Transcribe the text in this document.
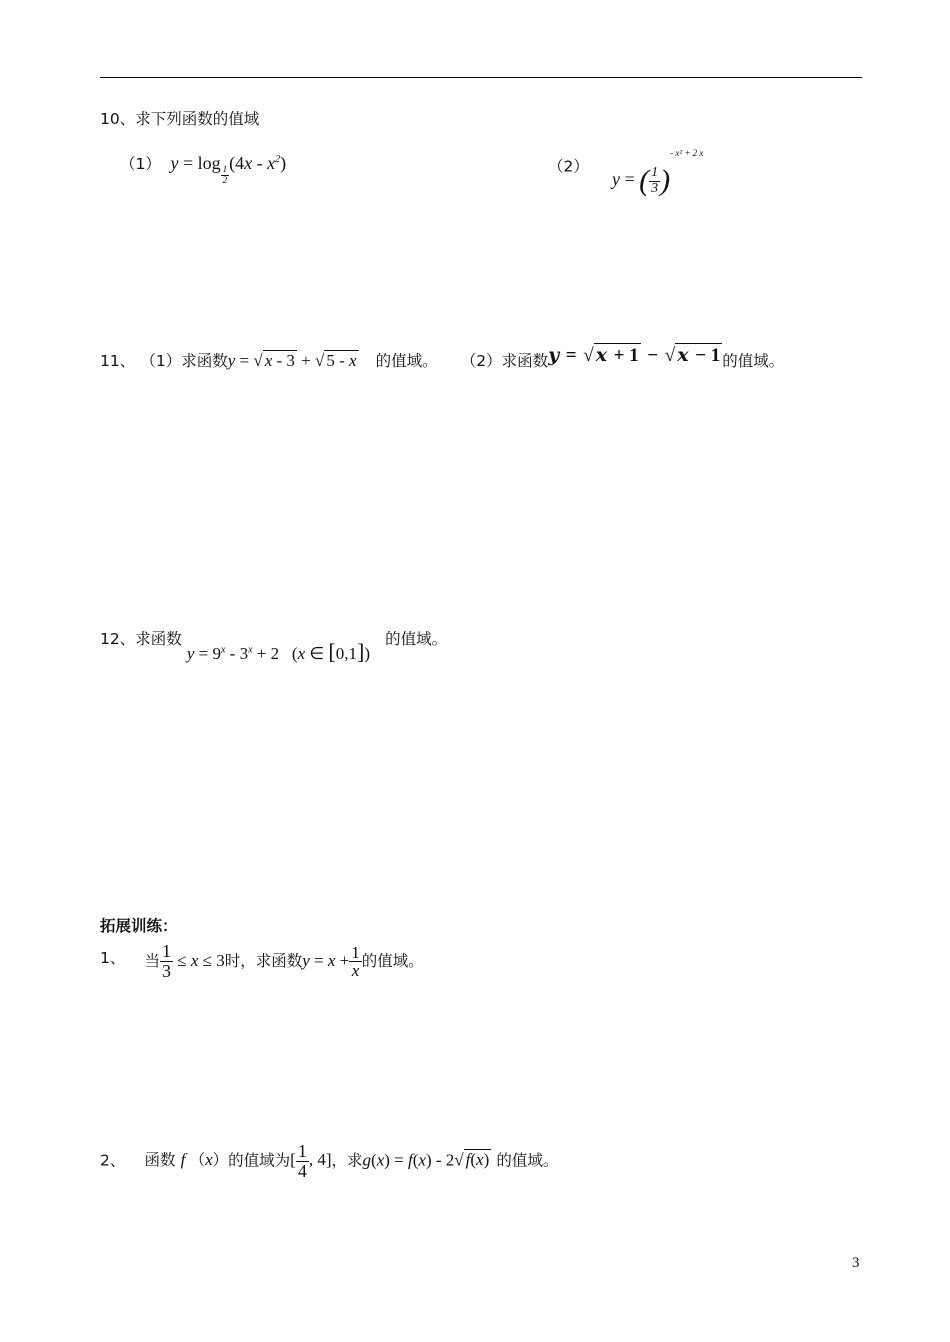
10、求下列函数的值域
（1）  y = log
$_{\frac{1}{2}}$
$(4x - x^2)$	（2） y = ( $\frac{1}{3} )^{- x^2 + 2 x}$
11、 （1）求函数y = √ x - 3 + √ 5 - x 的值域。 （2）求函数y = √ x + 1 − √ x − 1 的值域。
12、求函数 $y = 9^x - 3^x + 2$ (x ∈ [0,1]) 的值域。
拓展训练：
1、 当 $\frac{1}{3} \le x \le 3$时，求函数$y = x + \frac{1}{x}$ 的值域。
2、 函数 f （x）的值域为[ $\frac{1}{4}$ , 4]，求g(x) = f(x) - 2√ f(x) 的值域。
3
